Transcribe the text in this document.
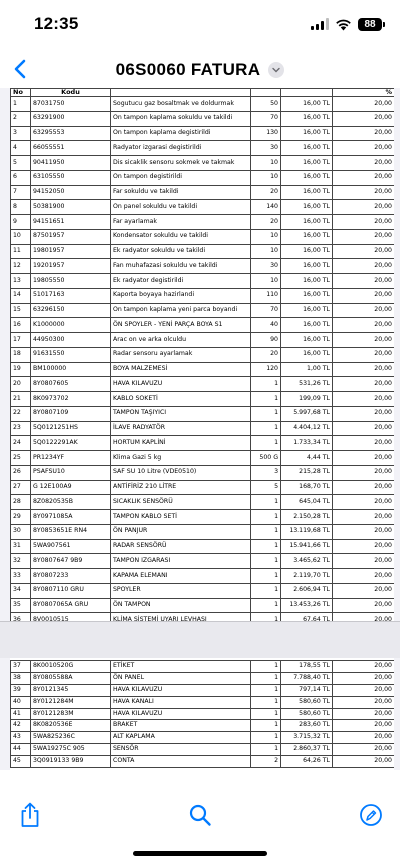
12:35	88
06S0060 FATURA
No	Kodu				%
1	87031750	Sogutucu gaz bosaltmak ve doldurmak	50	16,00 TL	20,00
2	63291900	On tampon kaplama sokuldu ve takildi	70	16,00 TL	20,00
3	63295553	On tampon kaplama degistirildi	130	16,00 TL	20,00
4	66055551	Radyator izgarasi degistirildi	30	16,00 TL	20,00
5	90411950	Dis sicaklik sensoru sokmek ve takmak	10	16,00 TL	20,00
6	63105550	On tampon degistirildi	10	16,00 TL	20,00
7	94152050	Far sokuldu ve takildi	20	16,00 TL	20,00
8	50381900	On panel sokuldu ve takildi	140	16,00 TL	20,00
9	94151651	Far ayarlamak	20	16,00 TL	20,00
10	87501957	Kondensator sokuldu ve takildi	10	16,00 TL	20,00
11	19801957	Ek radyator sokuldu ve takildi	10	16,00 TL	20,00
12	19201957	Fan muhafazasi sokuldu ve takildi	30	16,00 TL	20,00
13	19805550	Ek radyator degistirildi	10	16,00 TL	20,00
14	51017163	Kaporta boyaya hazirlandi	110	16,00 TL	20,00
15	63296150	On tampon kaplama yeni parca boyandi	70	16,00 TL	20,00
16	K1000000	ÖN SPOYLER - YENİ PARÇA BOYA S1	40	16,00 TL	20,00
17	44950300	Arac on ve arka olculdu	90	16,00 TL	20,00
18	91631550	Radar sensoru ayarlamak	20	16,00 TL	20,00
19	BM100000	BOYA MALZEMESİ	120	1,00 TL	20,00
20	8Y0807605	HAVA KILAVUZU	1	531,26 TL	20,00
21	8K0973702	KABLO SOKETİ	1	199,09 TL	20,00
22	8Y0807109	TAMPON TAŞIYICI	1	5.997,68 TL	20,00
23	5Q0121251HS	İLAVE RADYATÖR	1	4.404,12 TL	20,00
24	5Q0122291AK	HORTUM KAPLİNİ	1	1.733,34 TL	20,00
25	PR1234YF	Klima Gazi 5 kg	500 G	4,44 TL	20,00
26	PSAFSU10	SAF SU 10 Litre (VDE0510)	3	215,28 TL	20,00
27	G 12E100A9	ANTİFİRİZ 210 LİTRE	5	168,70 TL	20,00
28	8Z0820535B	SICAKLIK SENSÖRÜ	1	645,04 TL	20,00
29	8Y0971085A	TAMPON KABLO SETİ	1	2.150,28 TL	20,00
30	8Y0853651E RN4	ÖN PANJUR	1	13.119,68 TL	20,00
31	5WA907561	RADAR SENSÖRÜ	1	15.941,66 TL	20,00
32	8Y0807647 9B9	TAMPON IZGARASI	1	3.465,62 TL	20,00
33	8Y0807233	KAPAMA ELEMANI	1	2.119,70 TL	20,00
34	8Y0807110 GRU	SPOYLER	1	2.606,94 TL	20,00
35	8Y0807065A GRU	ÖN TAMPON	1	13.453,26 TL	20,00
36	8V0010515	KLİMA SİSTEMİ UYARI LEVHASI	1	67,64 TL	20,00
37	8K0010520G	ETİKET	1	178,55 TL	20,00
38	8Y0805588A	ÖN PANEL	1	7.788,40 TL	20,00
39	8Y0121345	HAVA KILAVUZU	1	797,14 TL	20,00
40	8Y0121284M	HAVA KANALI	1	580,60 TL	20,00
41	8Y0121283M	HAVA KILAVUZU	1	580,60 TL	20,00
42	8K0820536E	BRAKET	1	283,60 TL	20,00
43	5WA825236C	ALT KAPLAMA	1	3.715,32 TL	20,00
44	5WA19275C 905	SENSÖR	1	2.860,37 TL	20,00
45	3Q0919133 9B9	CONTA	2	64,26 TL	20,00
